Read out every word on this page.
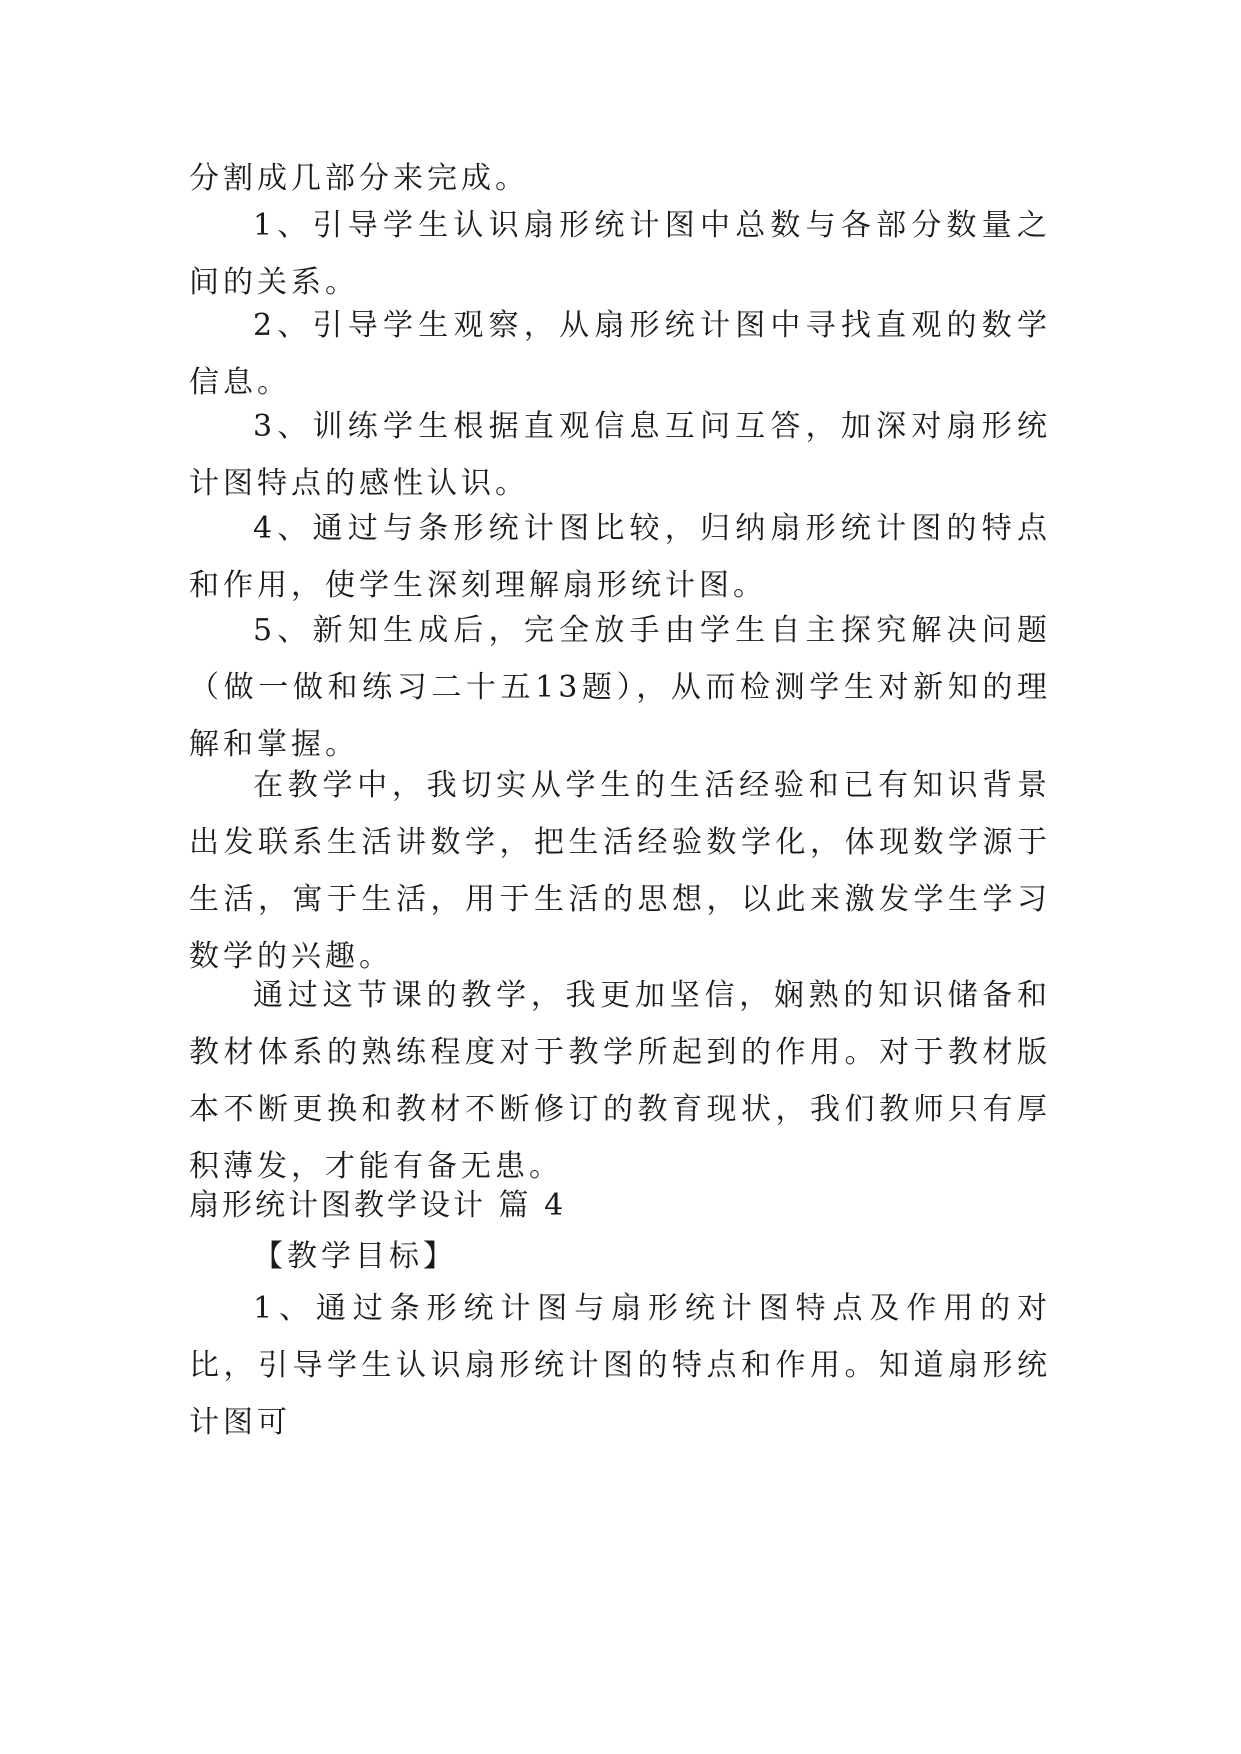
分割成几部分来完成。

1、引导学生认识扇形统计图中总数与各部分数量之间的关系。

2、引导学生观察，从扇形统计图中寻找直观的数学信息。

3、训练学生根据直观信息互问互答，加深对扇形统计图特点的感性认识。

4、通过与条形统计图比较，归纳扇形统计图的特点和作用，使学生深刻理解扇形统计图。

5、新知生成后，完全放手由学生自主探究解决问题（做一做和练习二十五13题），从而检测学生对新知的理解和掌握。

在教学中，我切实从学生的生活经验和已有知识背景出发联系生活讲数学，把生活经验数学化，体现数学源于生活，寓于生活，用于生活的思想，以此来激发学生学习数学的兴趣。

通过这节课的教学，我更加坚信，娴熟的知识储备和教材体系的熟练程度对于教学所起到的作用。对于教材版本不断更换和教材不断修订的教育现状，我们教师只有厚积薄发，才能有备无患。

扇形统计图教学设计 篇 4

【教学目标】

1、通过条形统计图与扇形统计图特点及作用的对比，引导学生认识扇形统计图的特点和作用。知道扇形统计图可
